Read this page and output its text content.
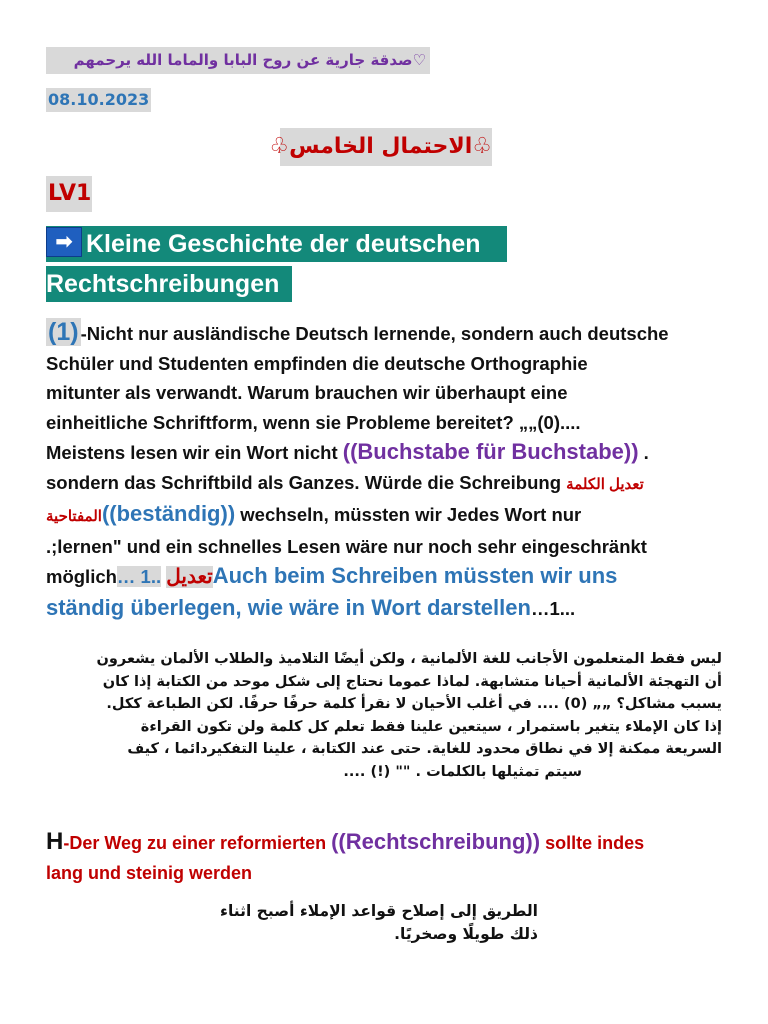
♡صدقة جارية عن روح البابا والماما الله يرحمهم
08.10.2023
♧الاحتمال الخامس♧
LV1
➡ Kleine Geschichte der deutschen
Rechtschreibungen
(1) -Nicht nur ausländische Deutsch lernende, sondern auch deutsche
Schüler und Studenten empfinden die deutsche Orthographie
mitunter als verwandt. Warum brauchen wir überhaupt eine
einheitliche Schriftform, wenn sie Probleme bereitet? „„(0)....
Meistens lesen wir ein Wort nicht ((Buchstabe für Buchstabe)) .
sondern das Schriftbild als Ganzes. Würde die Schreibung تعديل الكلمة
المفتاحية((beständig)) wechseln, müssten wir Jedes Wort nur
.;lernen" und ein schnelles Lesen wäre nur noch sehr eingeschränkt
möglich… 1.. تعديلAuch beim Schreiben müssten wir uns
ständig überlegen, wie wäre in Wort darstellen…1...
ليس فقط المتعلمون الأجانب للغة الألمانية ، ولكن أيضًا التلاميذ والطلاب الألمان يشعرون
أن التهجئة الألمانية أحيانا متشابهة. لماذا عموما نحتاج إلى شكل موحد من الكتابة إذا كان
يسبب مشاكل؟ „„ (0) .... في أغلب الأحيان لا نقرأ كلمة حرفًا حرفًا. لكن الطباعة ككل.
إذا كان الإملاء يتغير باستمرار ، سيتعين علينا فقط تعلم كل كلمة ولن تكون القراءة
السريعة ممكنة إلا في نطاق محدود للغاية. حتى عند الكتابة ، علينا التفكيردائما ، كيف
سيتم تمثيلها بالكلمات . "" (!) ....
H-Der Weg zu einer reformierten ((Rechtschreibung)) sollte indes
lang und steinig werden
الطريق إلى إصلاح قواعد الإملاء أصبح اثناء ذلك طويلًا وصخريًا.
